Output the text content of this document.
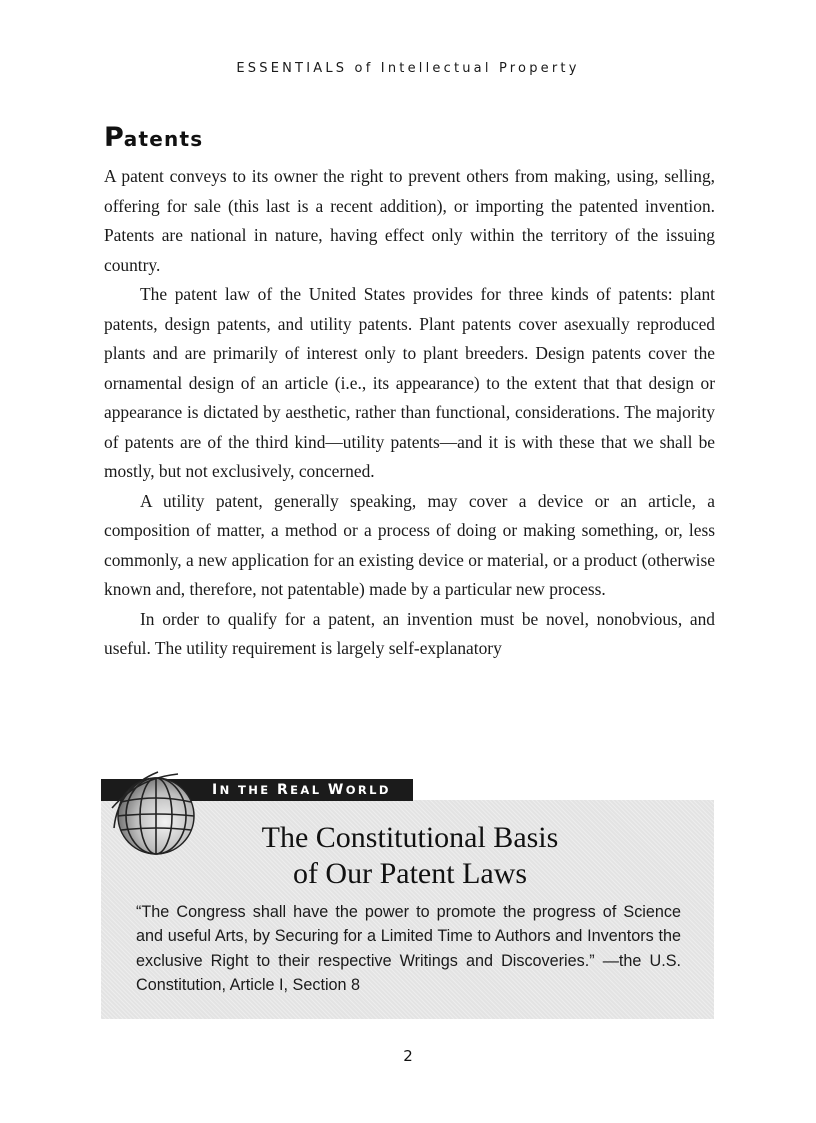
ESSENTIALS of Intellectual Property
Patents

A patent conveys to its owner the right to prevent others from making, using, selling, offering for sale (this last is a recent addition), or importing the patented invention. Patents are national in nature, having effect only within the territory of the issuing country.

The patent law of the United States provides for three kinds of patents: plant patents, design patents, and utility patents. Plant patents cover asexually reproduced plants and are primarily of interest only to plant breeders. Design patents cover the ornamental design of an article (i.e., its appearance) to the extent that that design or appearance is dictated by aesthetic, rather than functional, considerations. The majority of patents are of the third kind—utility patents—and it is with these that we shall be mostly, but not exclusively, concerned.

A utility patent, generally speaking, may cover a device or an article, a composition of matter, a method or a process of doing or making something, or, less commonly, a new application for an existing device or material, or a product (otherwise known and, therefore, not patentable) made by a particular new process.

In order to qualify for a patent, an invention must be novel, nonobvious, and useful. The utility requirement is largely self-explanatory

IN THE REAL WORLD
The Constitutional Basis
of Our Patent Laws
“The Congress shall have the power to promote the progress of Science and useful Arts, by Securing for a Limited Time to Authors and Inventors the exclusive Right to their respective Writings and Discoveries.” —the U.S. Constitution, Article I, Section 8
2
